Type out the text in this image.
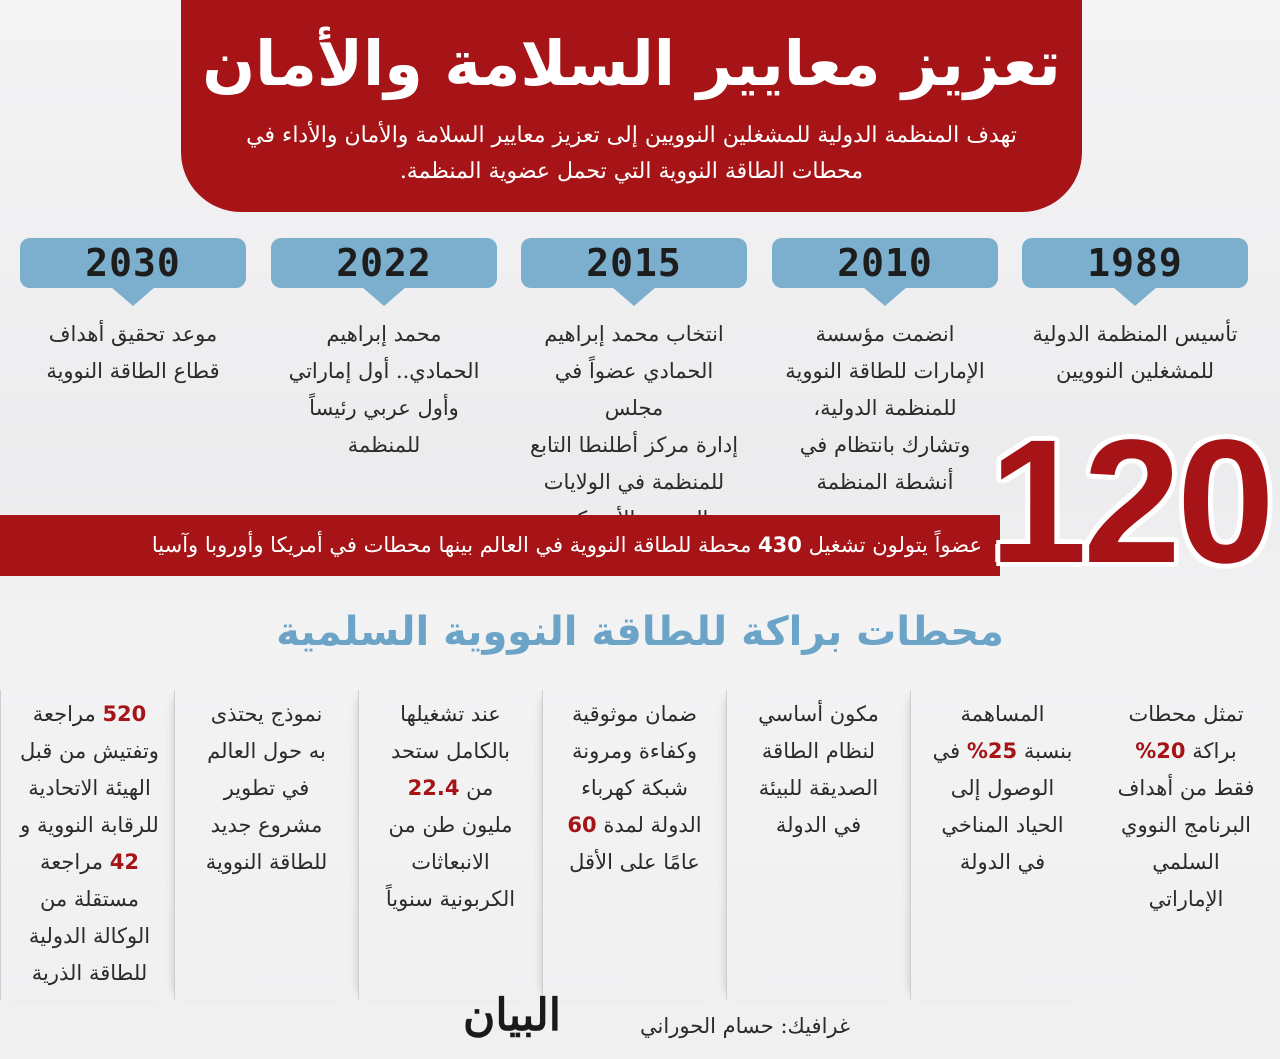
تعزيز معايير السلامة والأمان
تهدف المنظمة الدولية للمشغلين النوويين إلى تعزيز معايير السلامة والأمان والأداء في
محطات الطاقة النووية التي تحمل عضوية المنظمة.
1989
تأسيس المنظمة الدولية
للمشغلين النوويين
2010
انضمت مؤسسة
الإمارات للطاقة النووية
للمنظمة الدولية،
وتشارك بانتظام في
أنشطة المنظمة
2015
انتخاب محمد إبراهيم
الحمادي عضواً في مجلس
إدارة مركز أطلنطا التابع
للمنظمة في الولايات
2022
محمد إبراهيم
الحمادي.. أول إماراتي
وأول عربي رئيساً
للمنظمة
2030
موعد تحقيق أهداف
قطاع الطاقة النووية
عضواً يتولون تشغيل 430 محطة للطاقة النووية في العالم بينها محطات في أمريكا وأوروبا وآسيا	120
محطات براكة للطاقة النووية السلمية
تمثل محطات
براكة 20%
فقط من أهداف
البرنامج النووي
السلمي
الإماراتي
المساهمة
بنسبة 25% في
الوصول إلى
الحياد المناخي
في الدولة
مكون أساسي
لنظام الطاقة
الصديقة للبيئة
في الدولة
ضمان موثوقية
وكفاءة ومرونة
شبكة كهرباء
الدولة لمدة 60
عامًا على الأقل
عند تشغيلها
بالكامل ستحد
من 22.4
مليون طن من
الانبعاثات
الكربونية سنوياً
نموذج يحتذى
به حول العالم
في تطوير
مشروع جديد
للطاقة النووية
520 مراجعة
وتفتيش من قبل
الهيئة الاتحادية
للرقابة النووية و
42 مراجعة
مستقلة من
الوكالة الدولية
للطاقة الذرية
غرافيك: حسام الحوراني
البيان
